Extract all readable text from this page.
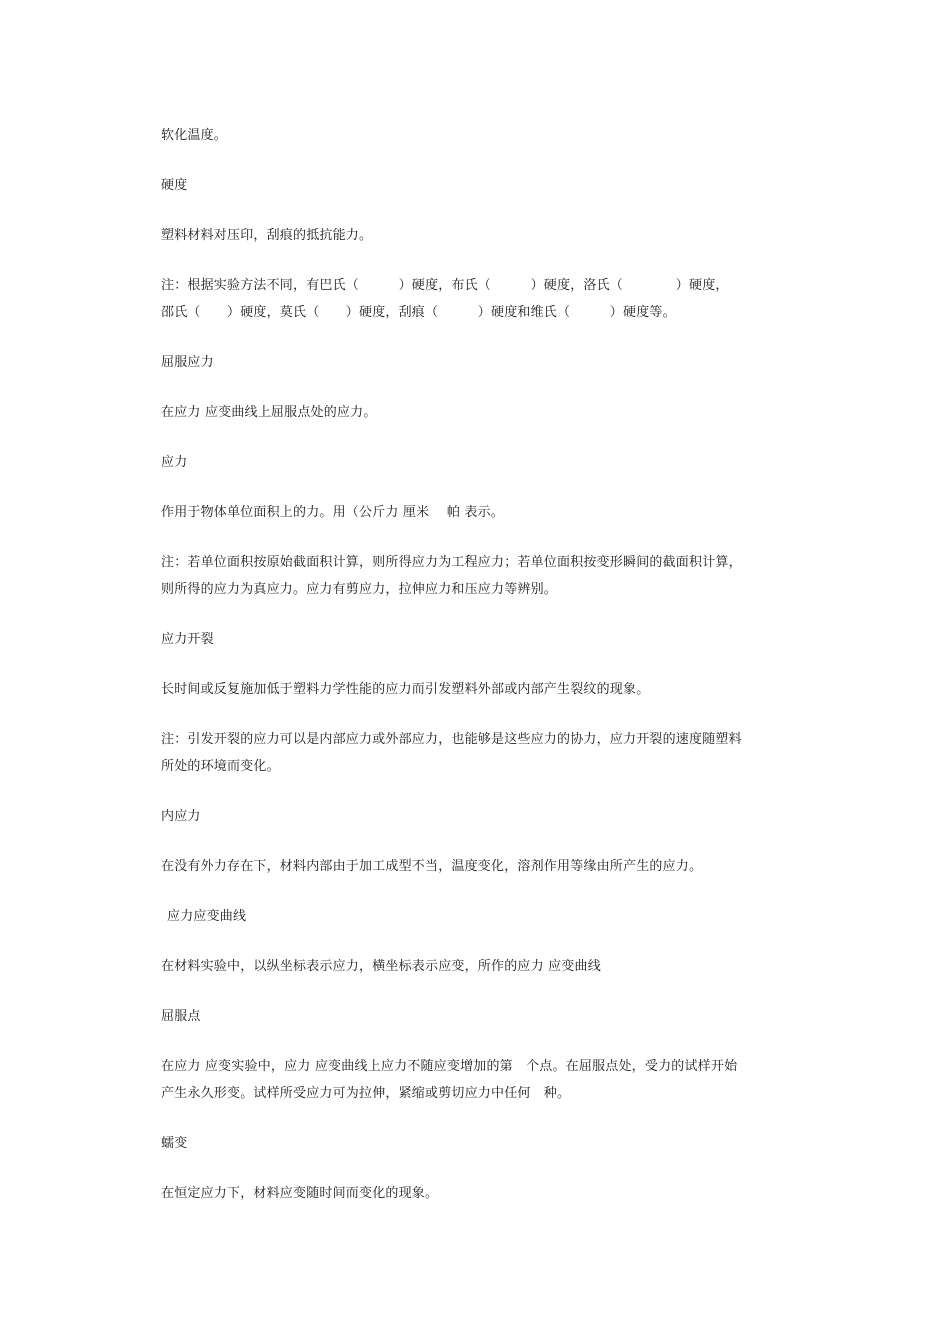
软化温度。
硬度
塑料材料对压印，刮痕的抵抗能力。
注：根据实验方法不同，有巴氏（　　　）硬度，布氏（　　　）硬度，洛氏（　　　　）硬度，
邵氏（　　）硬度，莫氏（　　）硬度，刮痕（　　　）硬度和维氏（　　　）硬度等。
屈服应力
在应力 应变曲线上屈服点处的应力。
应力
作用于物体单位面积上的力。用（公斤力 厘米　 帕 表示。
注：若单位面积按原始截面积计算，则所得应力为工程应力；若单位面积按变形瞬间的截面积计算，
则所得的应力为真应力。应力有剪应力，拉伸应力和压应力等辨别。
应力开裂
长时间或反复施加低于塑料力学性能的应力而引发塑料外部或内部产生裂纹的现象。
注：引发开裂的应力可以是内部应力或外部应力，也能够是这些应力的协力，应力开裂的速度随塑料
所处的环境而变化。
内应力
在没有外力存在下，材料内部由于加工成型不当，温度变化，溶剂作用等缘由所产生的应力。
应力应变曲线
在材料实验中，以纵坐标表示应力，横坐标表示应变，所作的应力 应变曲线
屈服点
在应力 应变实验中，应力 应变曲线上应力不随应变增加的第　个点。在屈服点处，受力的试样开始
产生永久形变。试样所受应力可为拉伸，紧缩或剪切应力中任何　种。
蠕变
在恒定应力下，材料应变随时间而变化的现象。
